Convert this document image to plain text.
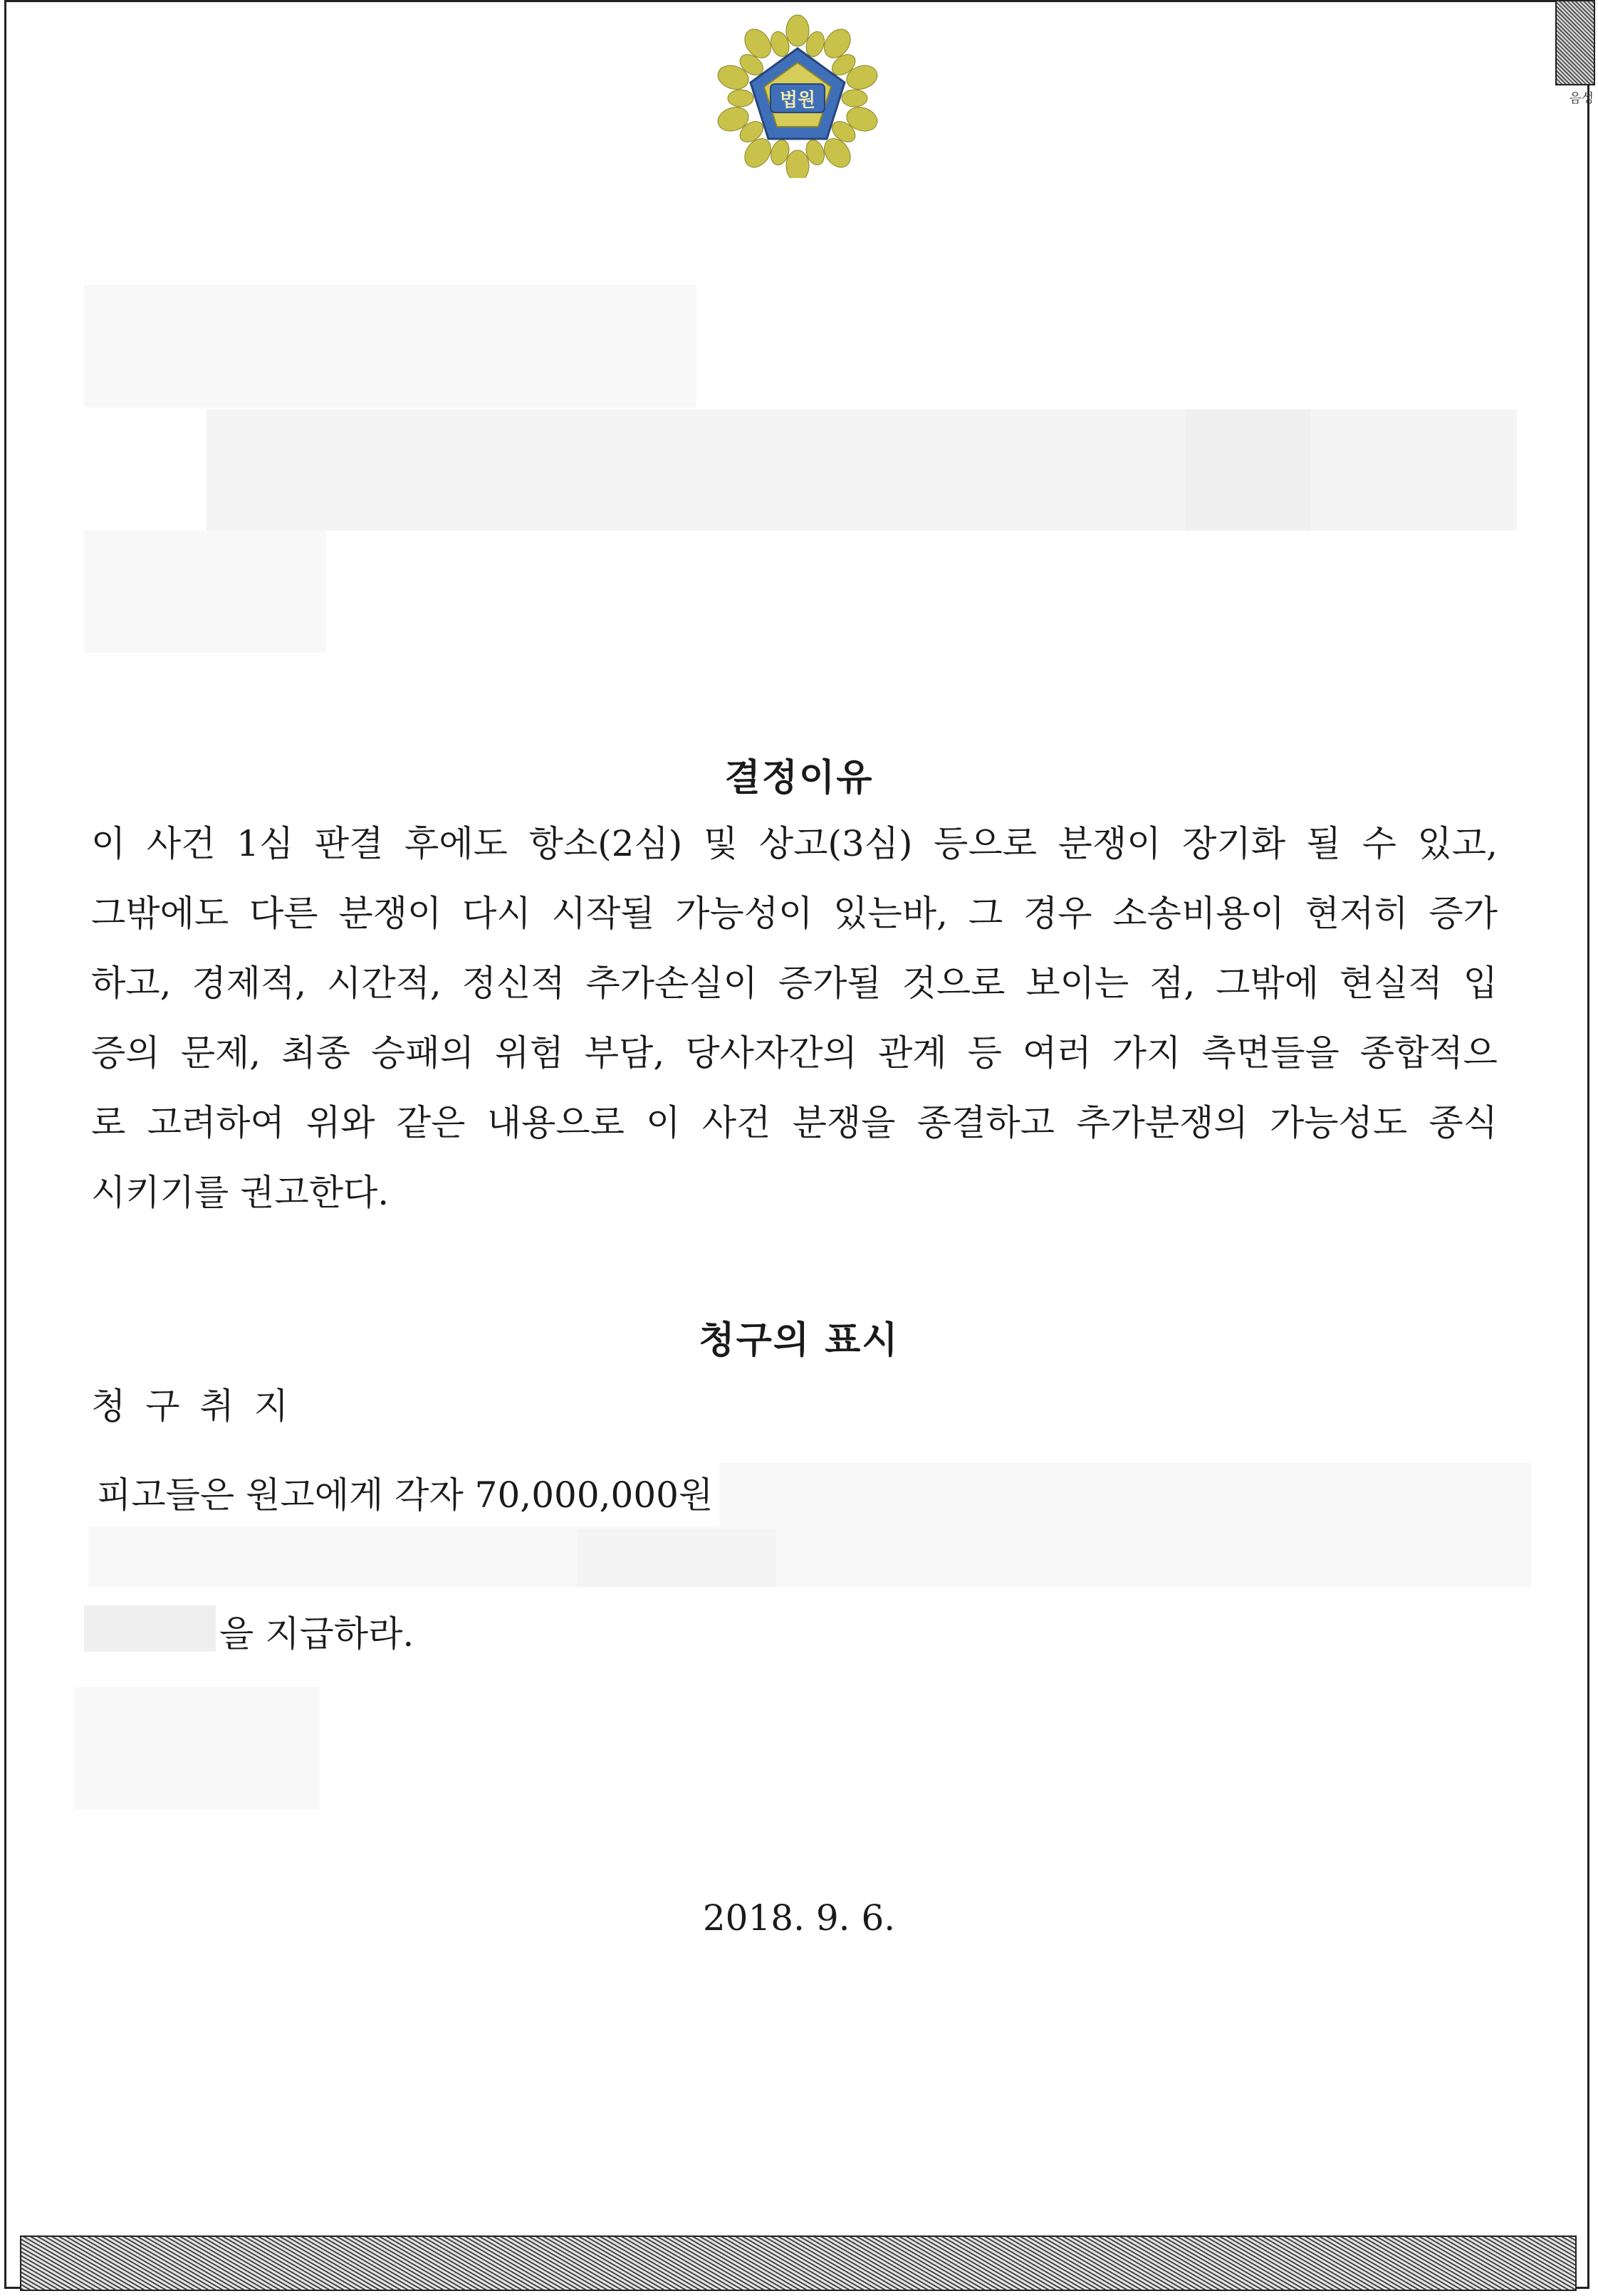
음성
법원
결정이유
이 사건 1심 판결 후에도 항소(2심) 및 상고(3심) 등으로 분쟁이 장기화 될 수 있고,
그밖에도 다른 분쟁이 다시 시작될 가능성이 있는바, 그 경우 소송비용이 현저히 증가
하고, 경제적, 시간적, 정신적 추가손실이 증가될 것으로 보이는 점, 그밖에 현실적 입
증의 문제, 최종 승패의 위험 부담, 당사자간의 관계 등 여러 가지 측면들을 종합적으
로 고려하여 위와 같은 내용으로 이 사건 분쟁을 종결하고 추가분쟁의 가능성도 종식
시키기를 권고한다.
청구의 표시
청 구 취 지
피고들은 원고에게 각자 70,000,000원
을 지급하라.
2018. 9. 6.
